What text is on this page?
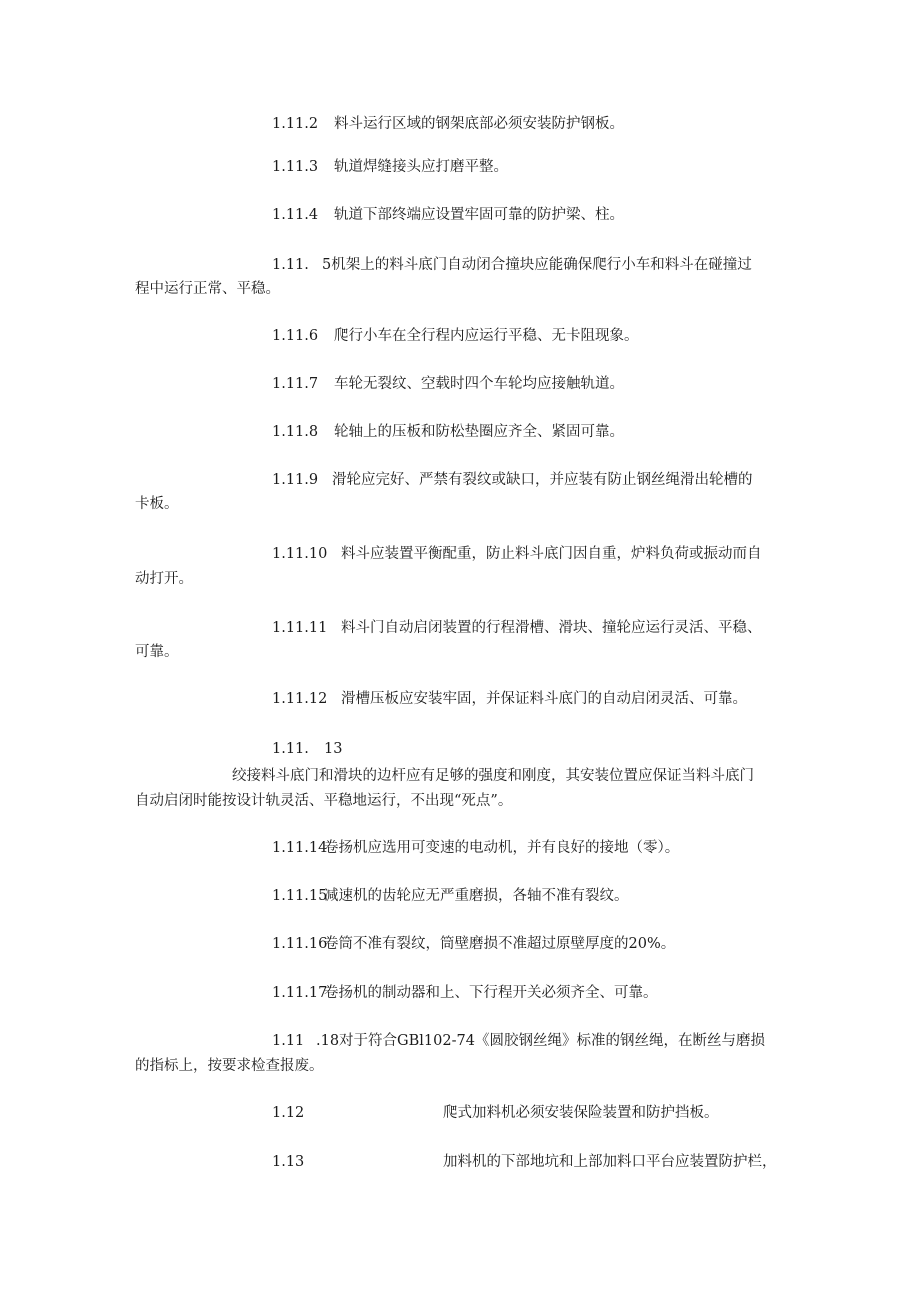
1.11.2 料斗运行区域的钢架底部必须安装防护钢板。
1.11.3 轨道焊缝接头应打磨平整。
1.11.4 轨道下部终端应设置牢固可靠的防护梁、柱。
1.11. 5机架上的料斗底门自动闭合撞块应能确保爬行小车和料斗在碰撞过
程中运行正常、平稳。
1.11.6 爬行小车在全行程内应运行平稳、无卡阻现象。
1.11.7 车轮无裂纹、空载时四个车轮均应接触轨道。
1.11.8 轮轴上的压板和防松垫圈应齐全、紧固可靠。
1.11.9 滑轮应完好、严禁有裂纹或缺口，并应装有防止钢丝绳滑出轮槽的
卡板。
1.11.10 料斗应装置平衡配重，防止料斗底门因自重，炉料负荷或振动而自
动打开。
1.11.11 料斗门自动启闭装置的行程滑槽、滑块、撞轮应运行灵活、平稳、
可靠。
1.11.12 滑槽压板应安装牢固，并保证料斗底门的自动启闭灵活、可靠。
1.11. 13
绞接料斗底门和滑块的边杆应有足够的强度和刚度，其安装位置应保证当料斗底门
自动启闭时能按设计轨灵活、平稳地运行，不出现“死点”。
1.11.14卷扬机应选用可变速的电动机，并有良好的接地（零）。
1.11.15减速机的齿轮应无严重磨损，各轴不准有裂纹。
1.11.16卷筒不准有裂纹，筒壁磨损不准超过原壁厚度的20%。
1.11.17卷扬机的制动器和上、下行程开关必须齐全、可靠。
1.11 .18对于符合GBl102-74《圆胶钢丝绳》标准的钢丝绳，在断丝与磨损
的指标上，按要求检查报废。
1.12	爬式加料机必须安装保险装置和防护挡板。
1.13	加料机的下部地坑和上部加料口平台应装置防护栏，
